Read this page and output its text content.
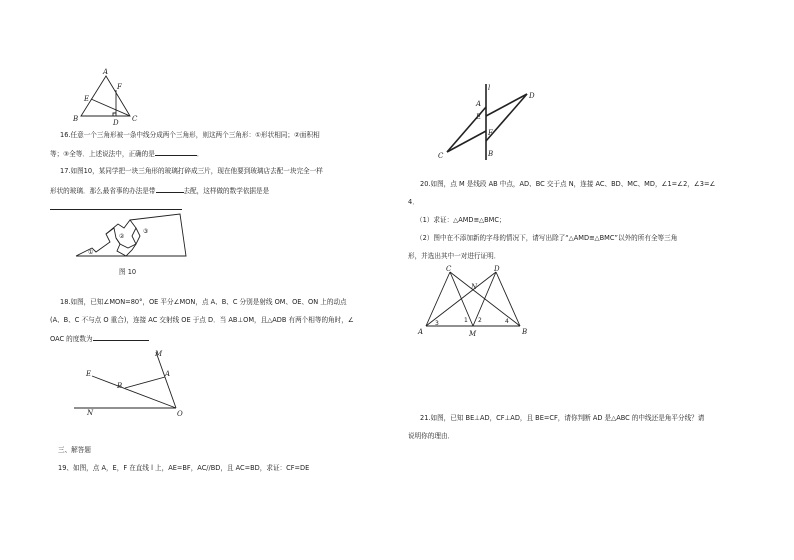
A
B	C
D
E
F
16.任意一个三角形被一条中线分成两个三角形，则这两个三角形：①形状相同；②面积相
等；③全等．上述说法中，正确的是	．
17.如图10，某同学把一块三角形的玻璃打碎成三片，现在他要到玻璃店去配一块完全一样
形状的玻璃．那么最省事的办法是带	去配，这样做的数学依据是是
①
②
③
图 10
18.如图，已知∠MON=80°，OE 平分∠MON，点 A、B、C 分别是射线 OM、OE、ON 上的动点
(A、B、C 不与点 O 重合)，连接 AC 交射线 OE 于点 D．当 AB⊥OM，且△ADB 有两个相等的角时，∠
OAC 的度数为
M
A
E
B
N	O
三、解答题
19、如图，点 A，E，F 在直线 l 上，AE=BF，AC//BD，且 AC=BD，求证：CF=DE
l
A
E
F
B
C
D
20.如图，点 M 是线段 AB 中点，AD、BC 交于点 N，连接 AC、BD、MC、MD，∠1=∠2，∠3=∠
4．
（1）求证：△AMD≌△BMC；
（2）图中在不添加新的字母的情况下，请写出除了“△AMD≌△BMC”以外的所有全等三角
形，并选出其中一对进行证明．
C	D
N
A	M	B
1 2
3	4
21.如图，已知 BE⊥AD，CF⊥AD，且 BE=CF，请你判断 AD 是△ABC 的中线还是角平分线？请
说明你的理由．
